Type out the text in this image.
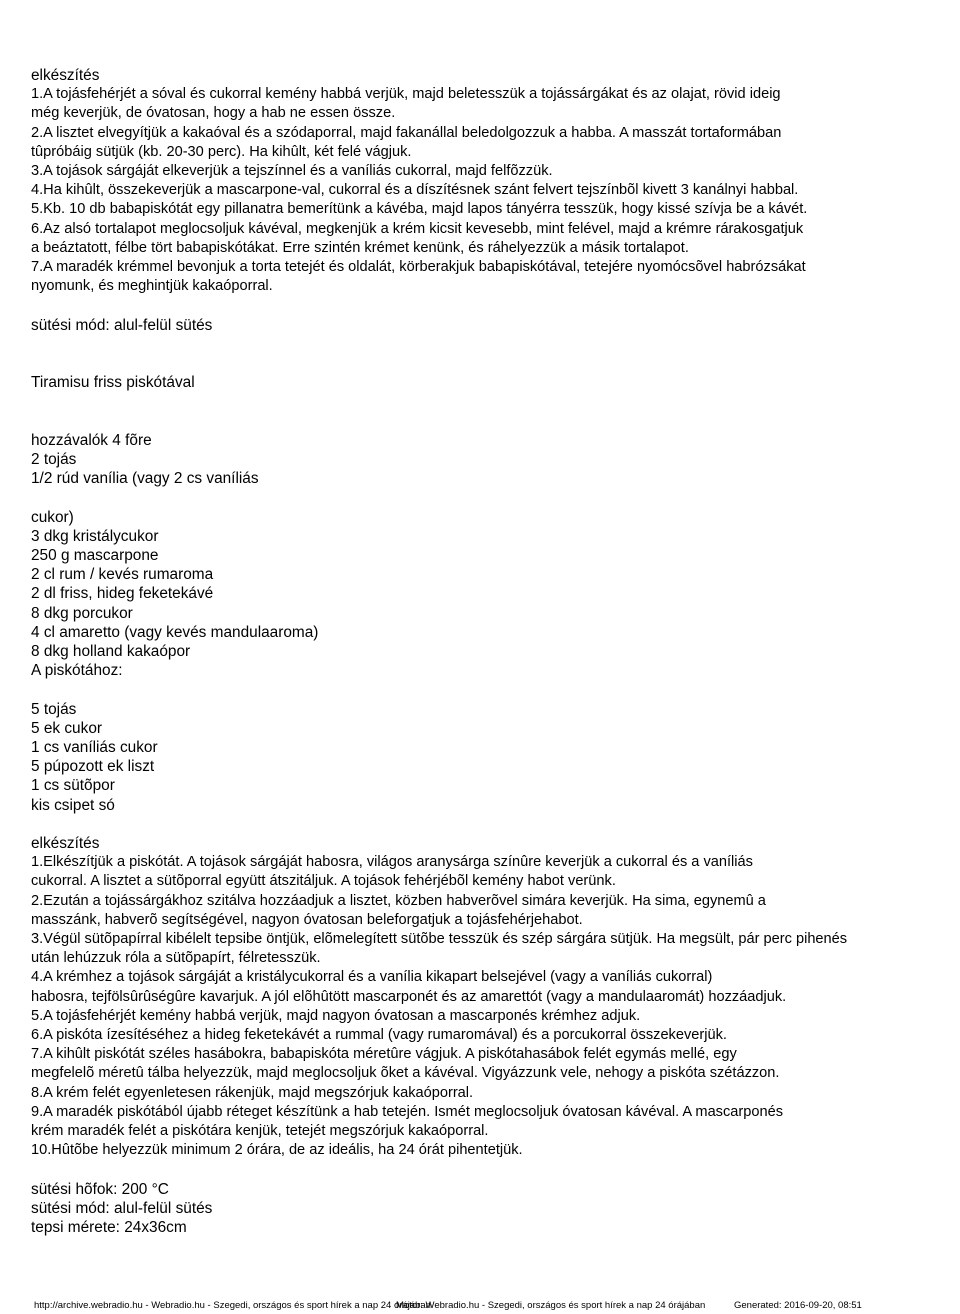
elkészítés
1.A tojásfehérjét a sóval és cukorral kemény habbá verjük, majd beletesszük a tojássárgákat és az olajat, rövid ideig
még keverjük, de óvatosan, hogy a hab ne essen össze.
2.A lisztet elvegyítjük a kakaóval és a szódaporral, majd fakanállal beledolgozzuk a habba. A masszát tortaformában
tûpróbáig sütjük (kb. 20-30 perc). Ha kihûlt, két felé vágjuk.
3.A tojások sárgáját elkeverjük a tejszínnel és a vaníliás cukorral, majd felfõzzük.
4.Ha kihûlt, összekeverjük a mascarpone-val, cukorral és a díszítésnek szánt felvert tejszínbõl kivett 3 kanálnyi habbal.
5.Kb. 10 db babapiskótát egy pillanatra bemerítünk a kávéba, majd lapos tányérra tesszük, hogy kissé szívja be a kávét.
6.Az alsó tortalapot meglocsoljuk kávéval, megkenjük a krém kicsit kevesebb, mint felével, majd a krémre rárakosgatjuk
a beáztatott, félbe tört babapiskótákat. Erre szintén krémet kenünk, és ráhelyezzük a másik tortalapot.
7.A maradék krémmel bevonjuk a torta tetejét és oldalát, körberakjuk babapiskótával, tetejére nyomócsõvel habrózsákat
nyomunk, és meghintjük kakaóporral.
sütési mód: alul-felül sütés
Tiramisu friss piskótával
hozzávalók 4 fõre
2 tojás
1/2 rúd vanília (vagy 2 cs vaníliás
cukor)
3 dkg kristálycukor
250 g mascarpone
2 cl rum / kevés rumaroma
2 dl friss, hideg feketekávé
8 dkg porcukor
4 cl amaretto (vagy kevés mandulaaroma)
8 dkg holland kakaópor
A piskótához:
5 tojás
5 ek cukor
1 cs vaníliás cukor
5 púpozott ek liszt
1 cs sütõpor
kis csipet só
elkészítés
1.Elkészítjük a piskótát. A tojások sárgáját habosra, világos aranysárga színûre keverjük a cukorral és a vaníliás
cukorral. A lisztet a sütõporral együtt átszitáljuk. A tojások fehérjébõl kemény habot verünk.
2.Ezután a tojássárgákhoz szitálva hozzáadjuk a lisztet, közben habverõvel simára keverjük. Ha sima, egynemû a
masszánk, habverõ segítségével, nagyon óvatosan beleforgatjuk a tojásfehérjehabot.
3.Végül sütõpapírral kibélelt tepsibe öntjük, elõmelegített sütõbe tesszük és szép sárgára sütjük. Ha megsült, pár perc pihenés
után lehúzzuk róla a sütõpapírt, félretesszük.
4.A krémhez a tojások sárgáját a kristálycukorral és a vanília kikapart belsejével (vagy a vaníliás cukorral)
habosra, tejfölsûrûségûre kavarjuk. A jól elõhûtött mascarponét és az amarettót (vagy a mandulaaromát) hozzáadjuk.
5.A tojásfehérjét kemény habbá verjük, majd nagyon óvatosan a mascarponés krémhez adjuk.
6.A piskóta ízesítéséhez a hideg feketekávét a rummal (vagy rumaromával) és a porcukorral összekeverjük.
7.A kihûlt piskótát széles hasábokra, babapiskóta méretûre vágjuk. A piskótahasábok felét egymás mellé, egy
megfelelõ méretû tálba helyezzük, majd meglocsoljuk õket a kávéval. Vigyázzunk vele, nehogy a piskóta szétázzon.
8.A krém felét egyenletesen rákenjük, majd megszórjuk kakaóporral.
9.A maradék piskótából újabb réteget készítünk a hab tetején. Ismét meglocsoljuk óvatosan kávéval. A mascarponés
krém maradék felét a piskótára kenjük, tetejét megszórjuk kakaóporral.
10.Hûtõbe helyezzük minimum 2 órára, de az ideális, ha 24 órát pihentetjük.
sütési hõfok: 200 °C
sütési mód: alul-felül sütés
tepsi mérete: 24x36cm
http://archive.webradio.hu - Webradio.hu - Szegedi, országos és sport hírek a nap 24 órájában
Motor: Webradio.hu - Szegedi, országos és sport hírek a nap 24 órájában	Generated: 2016-09-20, 08:51
